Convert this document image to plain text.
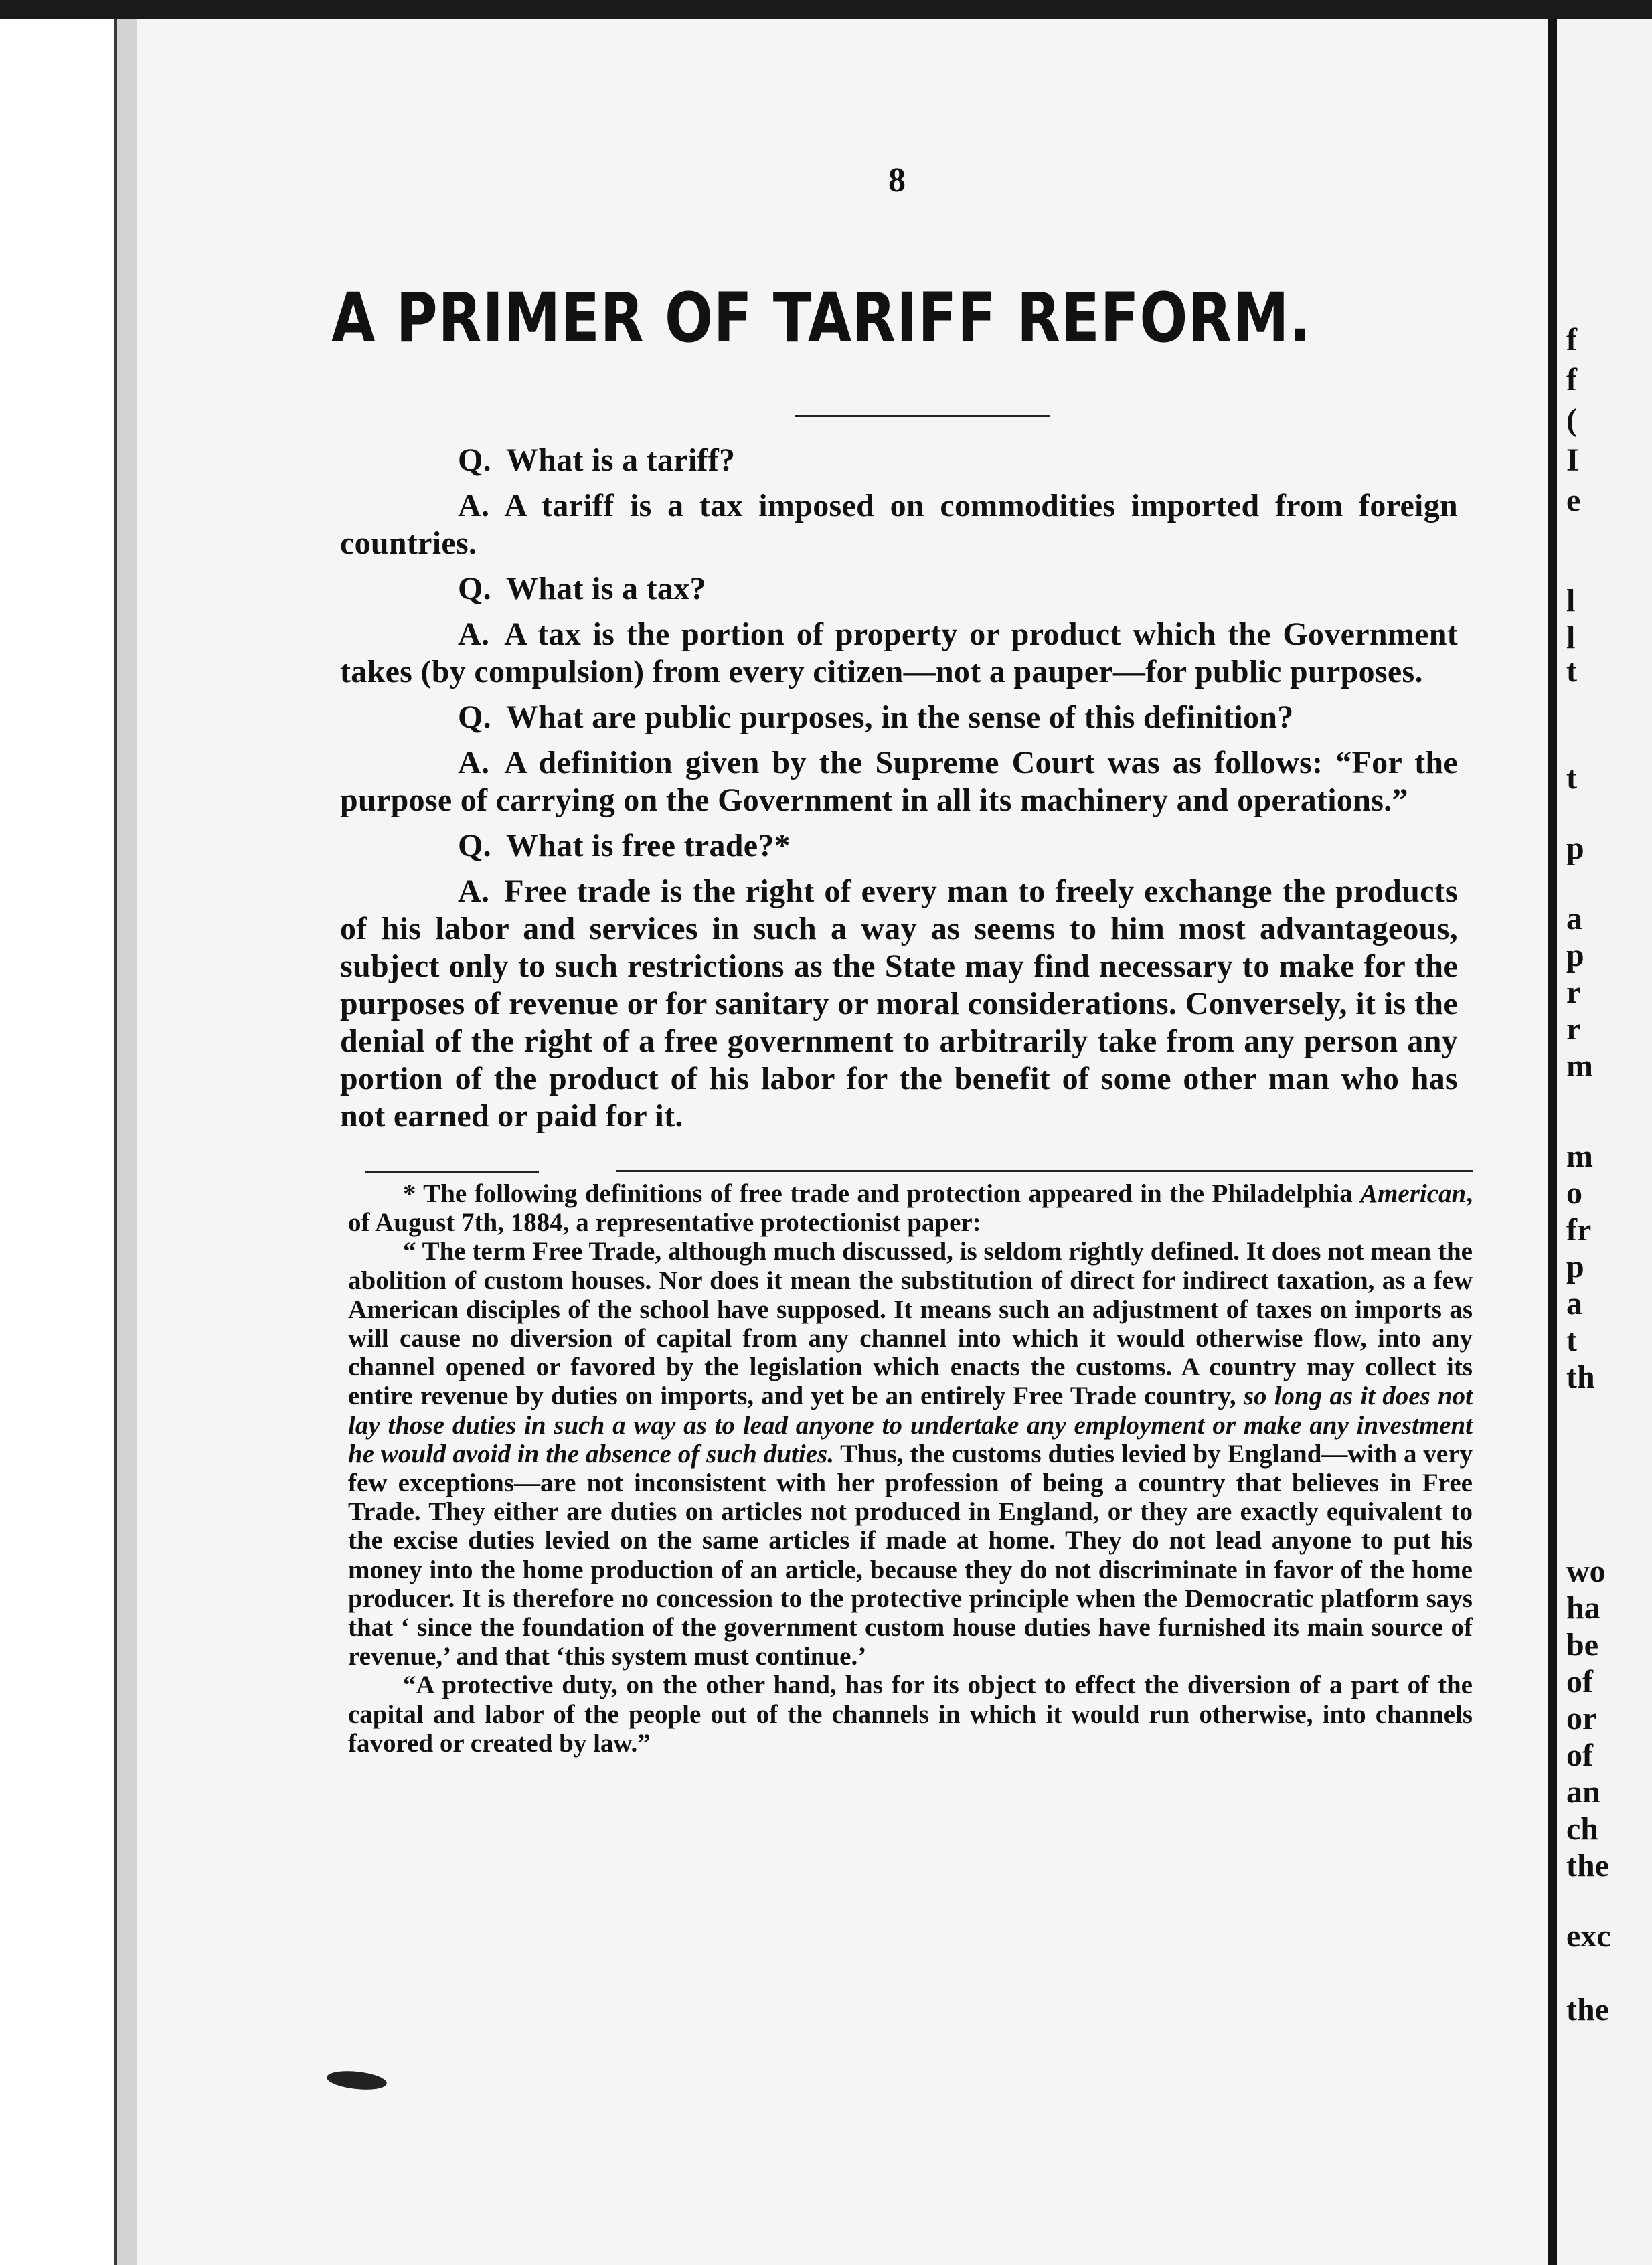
8
A PRIMER OF TARIFF REFORM.

Q. What is a tariff?

A. A tariff is a tax imposed on commodities imported from foreign countries.

Q. What is a tax?

A. A tax is the portion of property or product which the Government takes (by compulsion) from every citizen—not a pauper—for public purposes.

Q. What are public purposes, in the sense of this definition?

A. A definition given by the Supreme Court was as follows: “For the purpose of carrying on the Government in all its machinery and operations.”

Q. What is free trade?*

A. Free trade is the right of every man to freely exchange the products of his labor and services in such a way as seems to him most advantageous, subject only to such restrictions as the State may find necessary to make for the purposes of revenue or for sanitary or moral considerations. Conversely, it is the denial of the right of a free government to arbitrarily take from any person any portion of the product of his labor for the benefit of some other man who has not earned or paid for it.

* The following definitions of free trade and protection appeared in the Philadelphia American, of August 7th, 1884, a representative protectionist paper:

“ The term Free Trade, although much discussed, is seldom rightly defined. It does not mean the abolition of custom houses. Nor does it mean the substitution of direct for indirect taxation, as a few American disciples of the school have supposed. It means such an adjustment of taxes on imports as will cause no diversion of capital from any channel into which it would otherwise flow, into any channel opened or favored by the legislation which enacts the customs. A country may collect its entire revenue by duties on imports, and yet be an entirely Free Trade country, so long as it does not lay those duties in such a way as to lead anyone to undertake any employment or make any investment he would avoid in the absence of such duties. Thus, the customs duties levied by England—with a very few exceptions—are not inconsistent with her profession of being a country that believes in Free Trade. They either are duties on articles not produced in England, or they are exactly equivalent to the excise duties levied on the same articles if made at home. They do not lead anyone to put his money into the home production of an article, because they do not discriminate in favor of the home producer. It is therefore no concession to the protective principle when the Democratic platform says that ‘ since the foundation of the government custom house duties have furnished its main source of revenue,’ and that ‘this system must continue.’

“A protective duty, on the other hand, has for its object to effect the diversion of a part of the capital and labor of the people out of the channels in which it would run otherwise, into channels favored or created by law.”

f

f

(

I

e

l

l

t

t

p

a

p

r

r

m

m

o

fr

p

a

t

th

wo

ha

be

of

or

of

an

ch

the

exc

the
